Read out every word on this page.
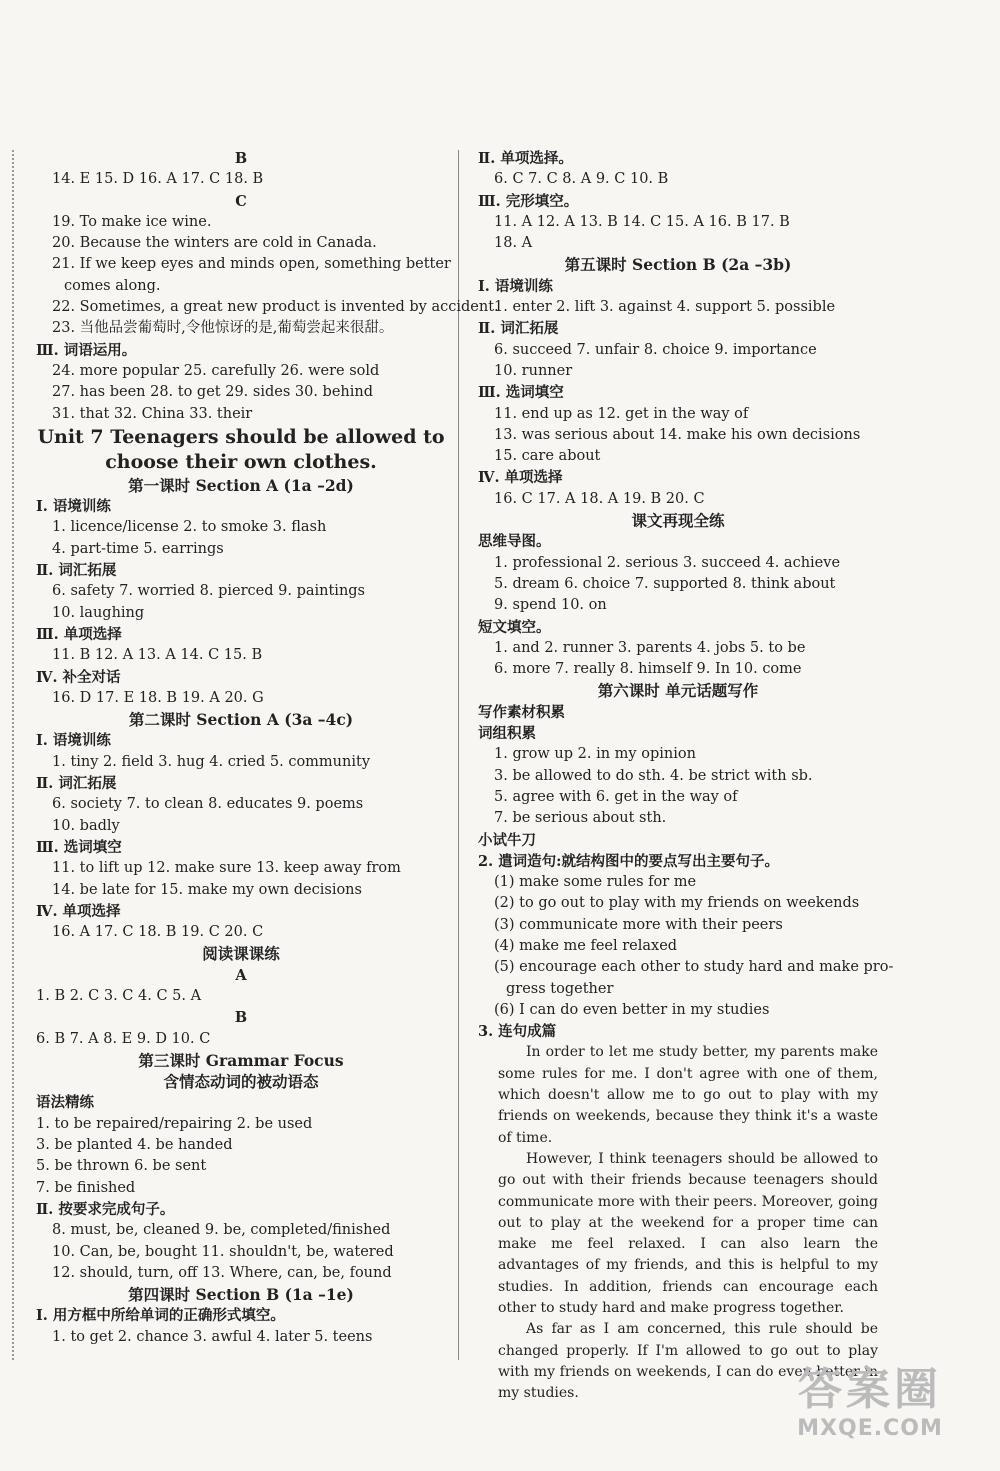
B
14. E 15. D 16. A 17. C 18. B
C
19. To make ice wine.
20. Because the winters are cold in Canada.
21. If we keep eyes and minds open, something better
comes along.
22. Sometimes, a great new product is invented by accident.
23. 当他品尝葡萄时,令他惊讶的是,葡萄尝起来很甜。
Ⅲ. 词语运用。
24. more popular 25. carefully 26. were sold
27. has been 28. to get 29. sides 30. behind
31. that 32. China 33. their
Unit 7 Teenagers should be allowed to
choose their own clothes.
第一课时 Section A (1a –2d)
Ⅰ. 语境训练
1. licence/license 2. to smoke 3. flash
4. part-time 5. earrings
Ⅱ. 词汇拓展
6. safety 7. worried 8. pierced 9. paintings
10. laughing
Ⅲ. 单项选择
11. B 12. A 13. A 14. C 15. B
Ⅳ. 补全对话
16. D 17. E 18. B 19. A 20. G
第二课时 Section A (3a –4c)
Ⅰ. 语境训练
1. tiny 2. field 3. hug 4. cried 5. community
Ⅱ. 词汇拓展
6. society 7. to clean 8. educates 9. poems
10. badly
Ⅲ. 选词填空
11. to lift up 12. make sure 13. keep away from
14. be late for 15. make my own decisions
Ⅳ. 单项选择
16. A 17. C 18. B 19. C 20. C
阅读课课练
A
1. B 2. C 3. C 4. C 5. A
B
6. B 7. A 8. E 9. D 10. C
第三课时 Grammar Focus
含情态动词的被动语态
语法精练
1. to be repaired/repairing 2. be used
3. be planted 4. be handed
5. be thrown 6. be sent
7. be finished
Ⅱ. 按要求完成句子。
8. must, be, cleaned 9. be, completed/finished
10. Can, be, bought 11. shouldn't, be, watered
12. should, turn, off 13. Where, can, be, found
第四课时 Section B (1a –1e)
Ⅰ. 用方框中所给单词的正确形式填空。
1. to get 2. chance 3. awful 4. later 5. teens
Ⅱ. 单项选择。
6. C 7. C 8. A 9. C 10. B
Ⅲ. 完形填空。
11. A 12. A 13. B 14. C 15. A 16. B 17. B
18. A
第五课时 Section B (2a –3b)
Ⅰ. 语境训练
1. enter 2. lift 3. against 4. support 5. possible
Ⅱ. 词汇拓展
6. succeed 7. unfair 8. choice 9. importance
10. runner
Ⅲ. 选词填空
11. end up as 12. get in the way of
13. was serious about 14. make his own decisions
15. care about
Ⅳ. 单项选择
16. C 17. A 18. A 19. B 20. C
课文再现全练
思维导图。
1. professional 2. serious 3. succeed 4. achieve
5. dream 6. choice 7. supported 8. think about
9. spend 10. on
短文填空。
1. and 2. runner 3. parents 4. jobs 5. to be
6. more 7. really 8. himself 9. In 10. come
第六课时 单元话题写作
写作素材积累
词组积累
1. grow up 2. in my opinion
3. be allowed to do sth. 4. be strict with sb.
5. agree with 6. get in the way of
7. be serious about sth.
小试牛刀
2. 遣词造句:就结构图中的要点写出主要句子。
(1) make some rules for me
(2) to go out to play with my friends on weekends
(3) communicate more with their peers
(4) make me feel relaxed
(5) encourage each other to study hard and make pro-
gress together
(6) I can do even better in my studies
3. 连句成篇

In order to let me study better, my parents make some rules for me. I don't agree with one of them, which doesn't allow me to go out to play with my friends on weekends, because they think it's a waste of time.

However, I think teenagers should be allowed to go out with their friends because teenagers should communicate more with their peers. Moreover, going out to play at the weekend for a proper time can make me feel relaxed. I can also learn the advantages of my friends, and this is helpful to my studies. In addition, friends can encourage each other to study hard and make progress together.

As far as I am concerned, this rule should be changed properly. If I'm allowed to go out to play with my friends on weekends, I can do even better in my studies.	答案圈
MXQE.COM
